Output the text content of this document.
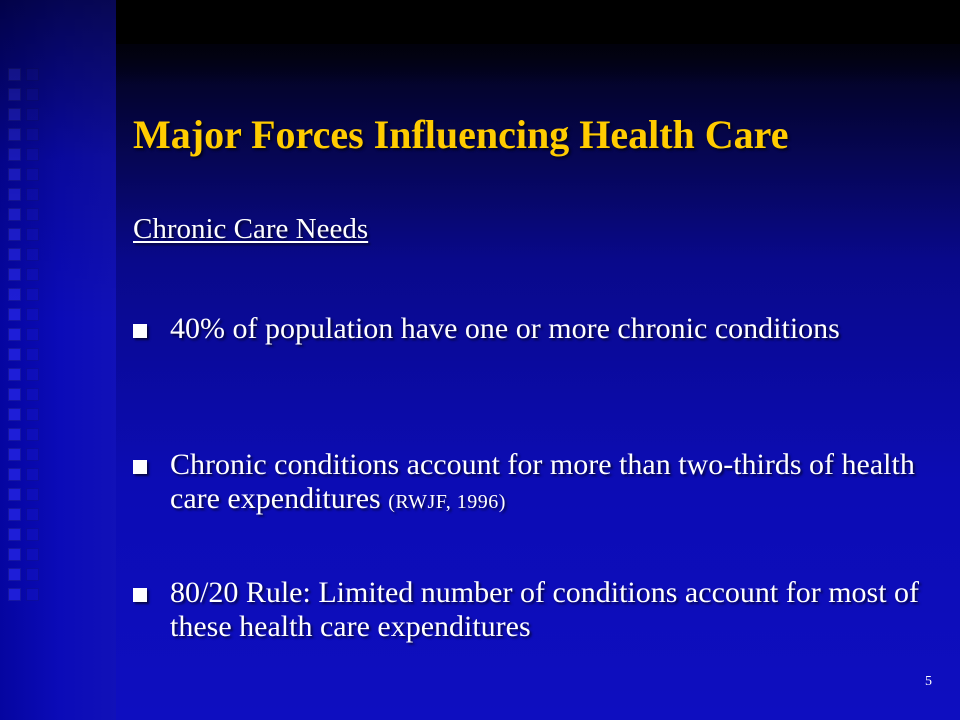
Major Forces Influencing Health Care
Chronic Care Needs
40% of population have one or more chronic conditions
Chronic conditions account for more than two-thirds of health care expenditures (RWJF, 1996)
80/20 Rule: Limited number of conditions account for most of these health care expenditures
5
